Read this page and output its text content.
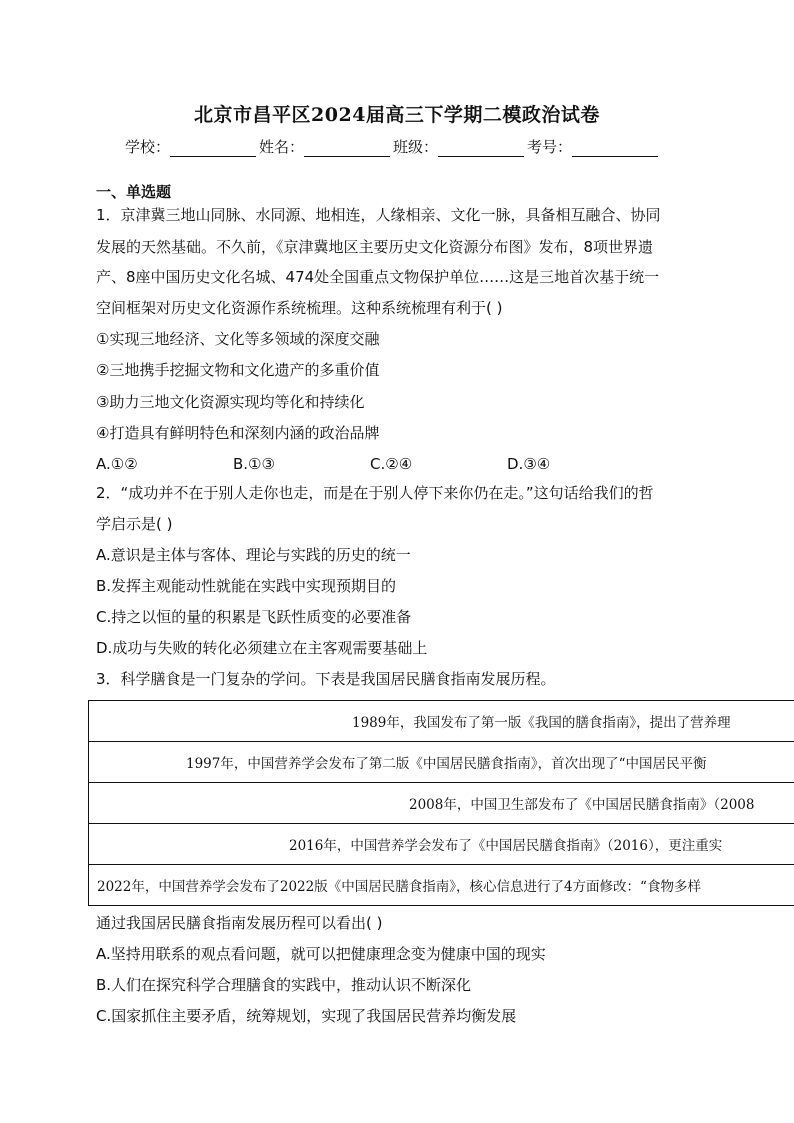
北京市昌平区2024届高三下学期二模政治试卷
学校：	姓名：	班级：	考号：
一、单选题
1．京津冀三地山同脉、水同源、地相连，人缘相亲、文化一脉，具备相互融合、协同
发展的天然基础。不久前，《京津冀地区主要历史文化资源分布图》发布，8项世界遗
产、8座中国历史文化名城、474处全国重点文物保护单位……这是三地首次基于统一
空间框架对历史文化资源作系统梳理。这种系统梳理有利于( )
①实现三地经济、文化等多领域的深度交融
②三地携手挖掘文物和文化遗产的多重价值
③助力三地文化资源实现均等化和持续化
④打造具有鲜明特色和深刻内涵的政治品牌
A.①②	B.①③	C.②④	D.③④
2．“成功并不在于别人走你也走，而是在于别人停下来你仍在走。”这句话给我们的哲
学启示是( )
A.意识是主体与客体、理论与实践的历史的统一
B.发挥主观能动性就能在实践中实现预期目的
C.持之以恒的量的积累是飞跃性质变的必要准备
D.成功与失败的转化必须建立在主客观需要基础上
3．科学膳食是一门复杂的学问。下表是我国居民膳食指南发展历程。
1989年，我国发布了第一版《我国的膳食指南》，提出了营养理
1997年，中国营养学会发布了第二版《中国居民膳食指南》，首次出现了“中国居民平衡
2008年，中国卫生部发布了《中国居民膳食指南》（2008
2016年，中国营养学会发布了《中国居民膳食指南》（2016），更注重实
2022年，中国营养学会发布了2022版《中国居民膳食指南》，核心信息进行了4方面修改：“食物多样
通过我国居民膳食指南发展历程可以看出( )
A.坚持用联系的观点看问题，就可以把健康理念变为健康中国的现实
B.人们在探究科学合理膳食的实践中，推动认识不断深化
C.国家抓住主要矛盾，统筹规划，实现了我国居民营养均衡发展
